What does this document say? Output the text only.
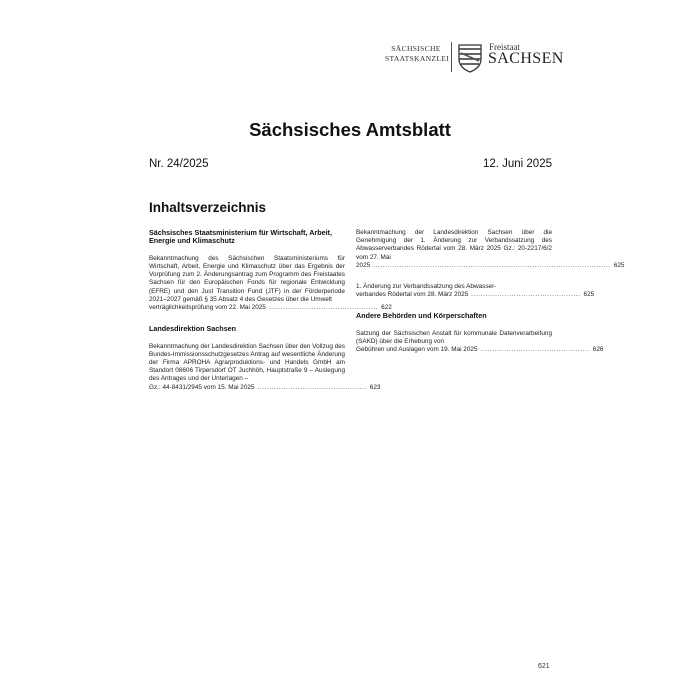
SÄCHSISCHE
STAATSKANZLEI
Freistaat
SACHSEN
Sächsisches Amtsblatt
Nr. 24/2025	12. Juni 2025
Inhaltsverzeichnis
Sächsisches Staatsministerium für Wirtschaft, Arbeit, Energie und Klimaschutz
Bekanntmachung des Sächsischen Staatsministeriums für Wirtschaft, Arbeit, Energie und Klimaschutz über das Ergebnis der Vorprüfung zum 2. Änderungsantrag zum Programm des Freistaates Sachsen für den Europäischen Fonds für regionale Entwicklung (EFRE) und den Just Transition Fund (JTF) in der Förderperiode 2021–2027 gemäß § 35 Absatz 4 des Gesetzes über die Umwelt
verträglichkeitsprüfung vom 22. Mai 2025 .............................................. 622
Landesdirektion Sachsen
Bekanntmachung der Landesdirektion Sachsen über den Vollzug des Bundes-Immissionsschutzgesetzes Antrag auf wesentliche Änderung der Firma APROHA Agrarproduktions- und Handels GmbH am Standort 08606 Tirpersdorf OT Juchhöh, Hauptstraße 9 – Auslegung des Antrages und der Unterlagen –
Gz.: 44-8431/2945 vom 15. Mai 2025 .............................................. 623
Bekanntmachung der Landesdirektion Sachsen über die Genehmigung der 1. Änderung zur Verbandssatzung des Abwasserverbandes Rödertal vom 28. März 2025 Gz.: 20-2217/6/2 vom 27. Mai
2025 .................................................................................................... 625
1. Änderung zur Verbandssatzung des Abwasser-
verbandes Rödertal vom 28. März 2025 .............................................. 625
Andere Behörden und Körperschaften
Satzung der Sächsischen Anstalt für kommunale Datenverarbeitung (SAKD) über die Erhebung von
Gebühren und Auslagen vom 19. Mai 2025 .............................................. 626
621
